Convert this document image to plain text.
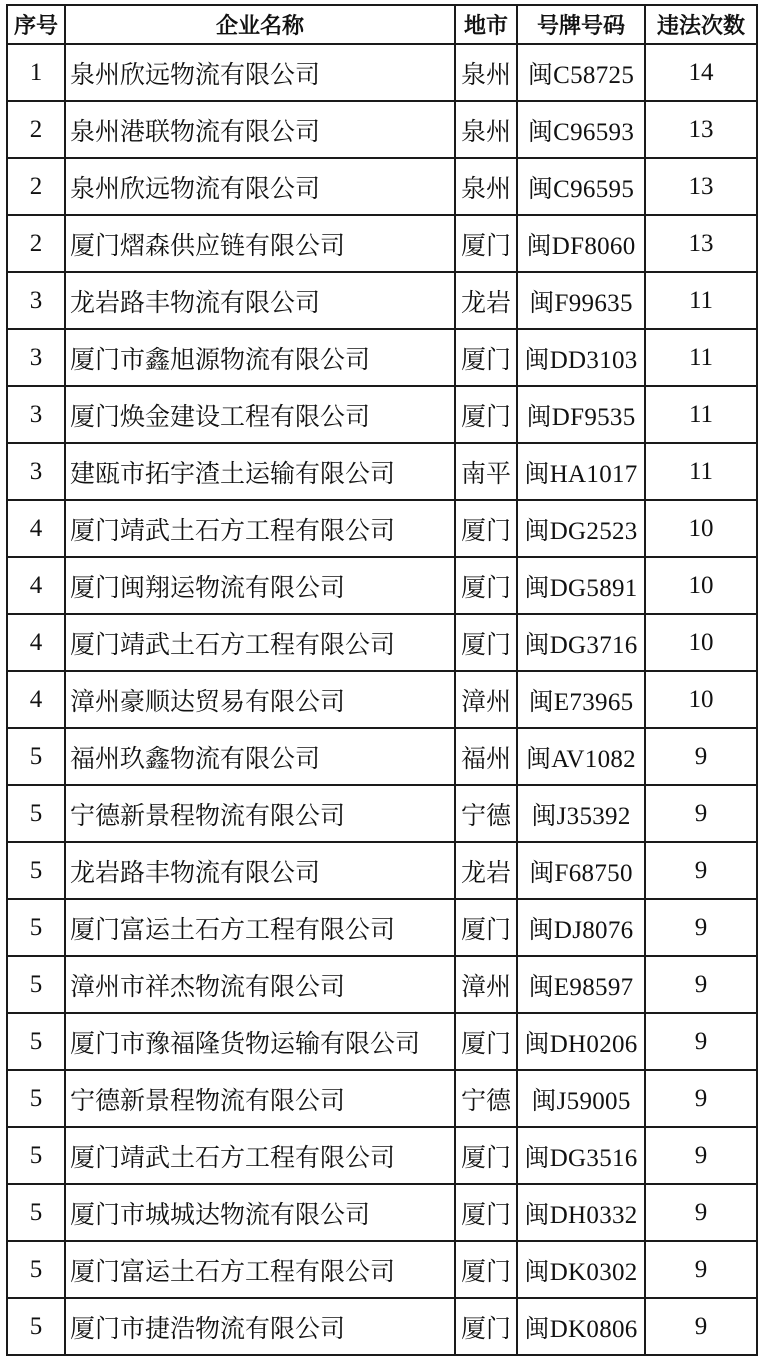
序号	企业名称	地市	号牌号码	违法次数
1	泉州欣远物流有限公司	泉州	闽C58725	14
2	泉州港联物流有限公司	泉州	闽C96593	13
2	泉州欣远物流有限公司	泉州	闽C96595	13
2	厦门熠森供应链有限公司	厦门	闽DF8060	13
3	龙岩路丰物流有限公司	龙岩	闽F99635	11
3	厦门市鑫旭源物流有限公司	厦门	闽DD3103	11
3	厦门焕金建设工程有限公司	厦门	闽DF9535	11
3	建瓯市拓宇渣土运输有限公司	南平	闽HA1017	11
4	厦门靖武土石方工程有限公司	厦门	闽DG2523	10
4	厦门闽翔运物流有限公司	厦门	闽DG5891	10
4	厦门靖武土石方工程有限公司	厦门	闽DG3716	10
4	漳州豪顺达贸易有限公司	漳州	闽E73965	10
5	福州玖鑫物流有限公司	福州	闽AV1082	9
5	宁德新景程物流有限公司	宁德	闽J35392	9
5	龙岩路丰物流有限公司	龙岩	闽F68750	9
5	厦门富运土石方工程有限公司	厦门	闽DJ8076	9
5	漳州市祥杰物流有限公司	漳州	闽E98597	9
5	厦门市豫福隆货物运输有限公司	厦门	闽DH0206	9
5	宁德新景程物流有限公司	宁德	闽J59005	9
5	厦门靖武土石方工程有限公司	厦门	闽DG3516	9
5	厦门市城城达物流有限公司	厦门	闽DH0332	9
5	厦门富运土石方工程有限公司	厦门	闽DK0302	9
5	厦门市捷浩物流有限公司	厦门	闽DK0806	9
